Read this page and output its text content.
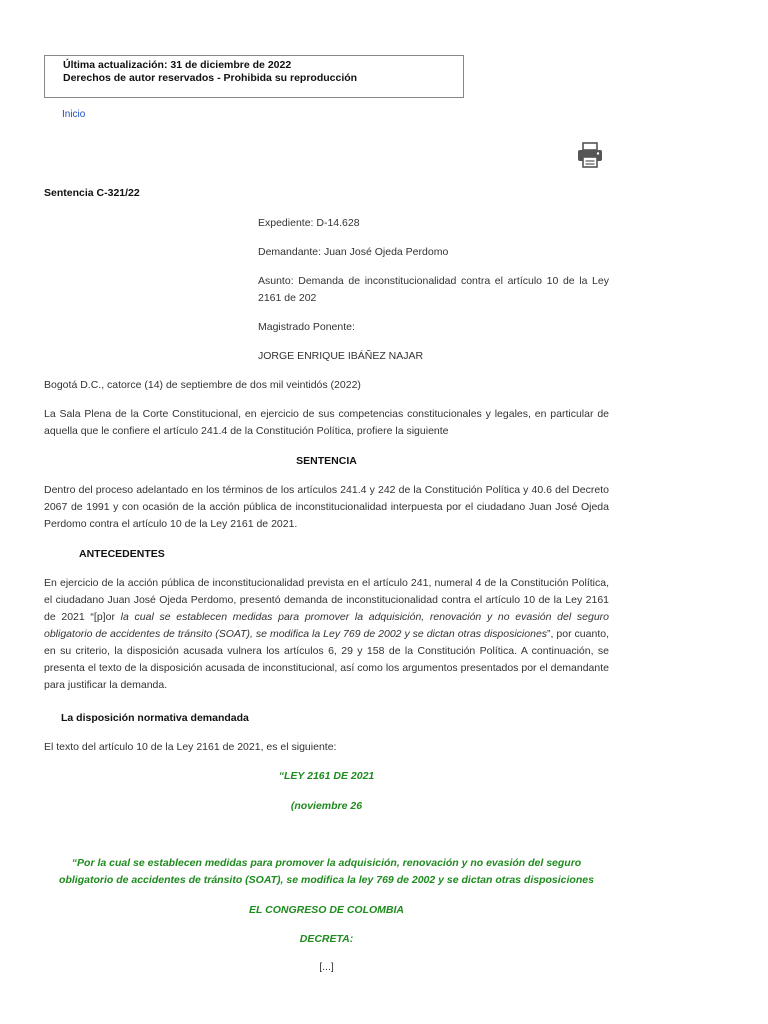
Última actualización: 31 de diciembre de 2022
Derechos de autor reservados - Prohibida su reproducción
Inicio
Sentencia C-321/22
Expediente: D-14.628
Demandante: Juan José Ojeda Perdomo
Asunto: Demanda de inconstitucionalidad contra el artículo 10 de la Ley 2161 de 202
Magistrado Ponente:
JORGE ENRIQUE IBÁÑEZ NAJAR
Bogotá D.C., catorce (14) de septiembre de dos mil veintidós (2022)
La Sala Plena de la Corte Constitucional, en ejercicio de sus competencias constitucionales y legales, en particular de aquella que le confiere el artículo 241.4 de la Constitución Política, profiere la siguiente
SENTENCIA
Dentro del proceso adelantado en los términos de los artículos 241.4 y 242 de la Constitución Política y 40.6 del Decreto 2067 de 1991 y con ocasión de la acción pública de inconstitucionalidad interpuesta por el ciudadano Juan José Ojeda Perdomo contra el artículo 10 de la Ley 2161 de 2021.
ANTECEDENTES
En ejercicio de la acción pública de inconstitucionalidad prevista en el artículo 241, numeral 4 de la Constitución Política, el ciudadano Juan José Ojeda Perdomo, presentó demanda de inconstitucionalidad contra el artículo 10 de la Ley 2161 de 2021 “[p]or la cual se establecen medidas para promover la adquisición, renovación y no evasión del seguro obligatorio de accidentes de tránsito (SOAT), se modifica la Ley 769 de 2002 y se dictan otras disposiciones”, por cuanto, en su criterio, la disposición acusada vulnera los artículos 6, 29 y 158 de la Constitución Política. A continuación, se presenta el texto de la disposición acusada de inconstitucional, así como los argumentos presentados por el demandante para justificar la demanda.
La disposición normativa demandada
El texto del artículo 10 de la Ley 2161 de 2021, es el siguiente:
“LEY 2161 DE 2021
(noviembre 26
“Por la cual se establecen medidas para promover la adquisición, renovación y no evasión del seguro obligatorio de accidentes de tránsito (SOAT), se modifica la ley 769 de 2002 y se dictan otras disposiciones
EL CONGRESO DE COLOMBIA
DECRETA:
[...]
